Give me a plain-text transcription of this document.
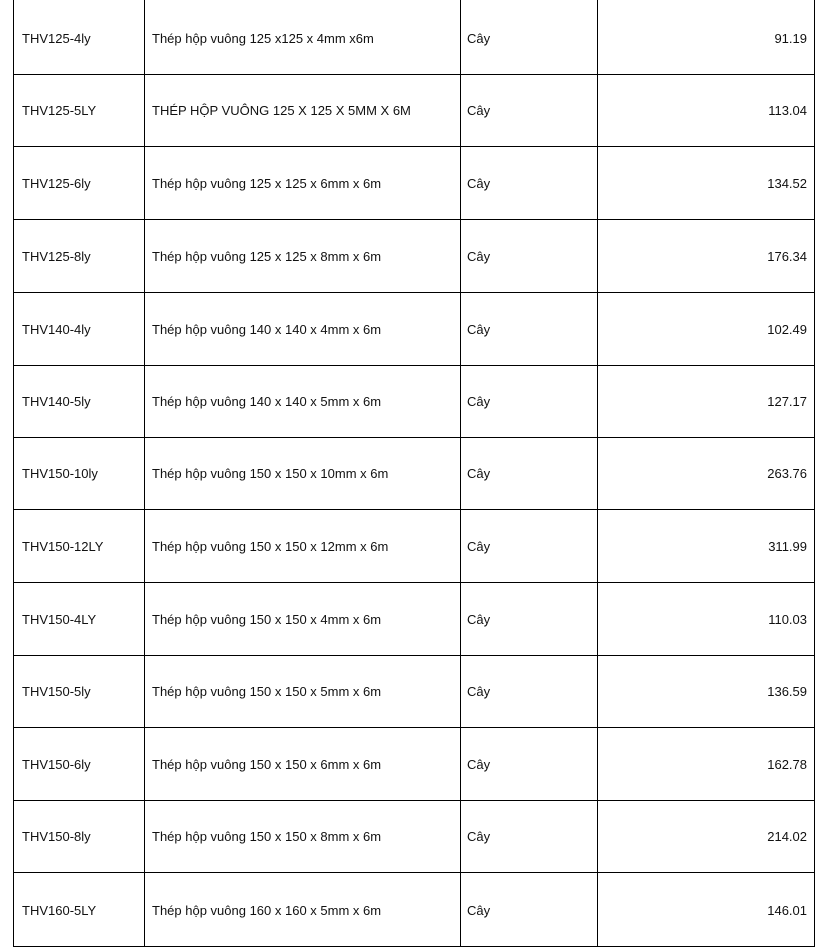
THV125-4ly	Thép hộp vuông 125 x125 x 4mm x6m	Cây	91.19
THV125-5LY	THÉP HỘP VUÔNG 125 X 125 X 5MM X 6M	Cây	113.04
THV125-6ly	Thép hộp vuông 125 x 125 x 6mm x 6m	Cây	134.52
THV125-8ly	Thép hộp vuông 125 x 125 x 8mm x 6m	Cây	176.34
THV140-4ly	Thép hộp vuông 140 x 140 x 4mm x 6m	Cây	102.49
THV140-5ly	Thép hộp vuông 140 x 140 x 5mm x 6m	Cây	127.17
THV150-10ly	Thép hộp vuông 150 x 150 x 10mm x 6m	Cây	263.76
THV150-12LY	Thép hộp vuông 150 x 150 x 12mm x 6m	Cây	311.99
THV150-4LY	Thép hộp vuông 150 x 150 x 4mm x 6m	Cây	110.03
THV150-5ly	Thép hộp vuông 150 x 150 x 5mm x 6m	Cây	136.59
THV150-6ly	Thép hộp vuông 150 x 150 x 6mm x 6m	Cây	162.78
THV150-8ly	Thép hộp vuông 150 x 150 x 8mm x 6m	Cây	214.02
THV160-5LY	Thép hộp vuông 160 x 160 x 5mm x 6m	Cây	146.01
